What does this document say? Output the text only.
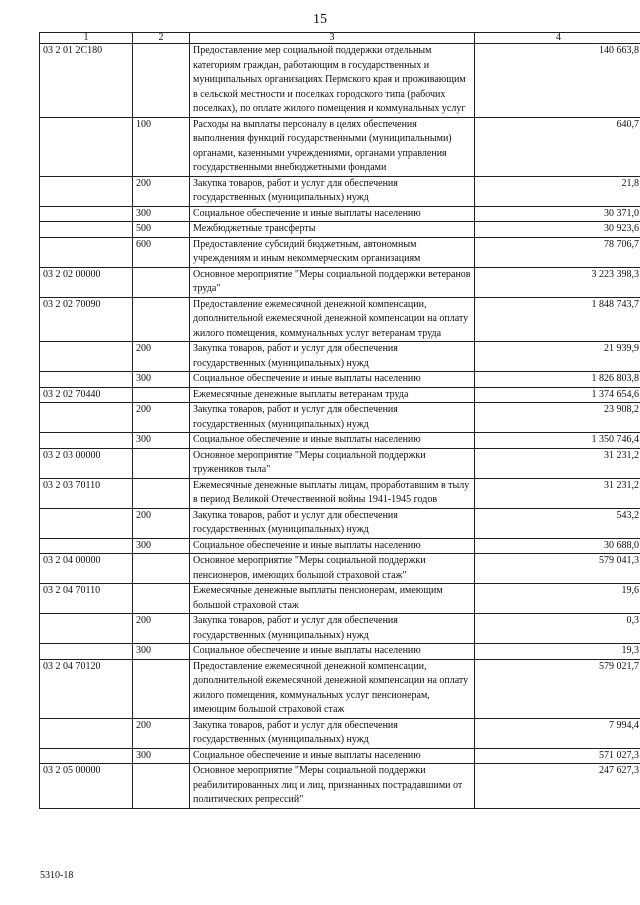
15
1	2	3	4
03 2 01 2С180		Предоставление мер социальной поддержки отдельным категориям граждан, работающим в государственных и муниципальных организациях Пермского края и проживающим в сельской местности и поселках городского типа (рабочих поселках), по оплате жилого помещения и коммунальных услуг	140 663,8
	100	Расходы на выплаты персоналу в целях обеспечения выполнения функций государственными (муниципальными) органами, казенными учреждениями, органами управления государственными внебюджетными фондами	640,7
	200	Закупка товаров, работ и услуг для обеспечения государственных (муниципальных) нужд	21,8
	300	Социальное обеспечение и иные выплаты населению	30 371,0
	500	Межбюджетные трансферты	30 923,6
	600	Предоставление субсидий бюджетным, автономным учреждениям и иным некоммерческим организациям	78 706,7
03 2 02 00000		Основное мероприятие "Меры социальной поддержки ветеранов труда"	3 223 398,3
03 2 02 70090		Предоставление ежемесячной денежной компенсации, дополнительной ежемесячной денежной компенсации на оплату жилого помещения, коммунальных услуг ветеранам труда	1 848 743,7
	200	Закупка товаров, работ и услуг для обеспечения государственных (муниципальных) нужд	21 939,9
	300	Социальное обеспечение и иные выплаты населению	1 826 803,8
03 2 02 70440		Ежемесячные денежные выплаты ветеранам труда	1 374 654,6
	200	Закупка товаров, работ и услуг для обеспечения государственных (муниципальных) нужд	23 908,2
	300	Социальное обеспечение и иные выплаты населению	1 350 746,4
03 2 03 00000		Основное мероприятие "Меры социальной поддержки тружеников тыла"	31 231,2
03 2 03 70110		Ежемесячные денежные выплаты лицам, проработавшим в тылу в период Великой Отечественной войны 1941-1945 годов	31 231,2
	200	Закупка товаров, работ и услуг для обеспечения государственных (муниципальных) нужд	543,2
	300	Социальное обеспечение и иные выплаты населению	30 688,0
03 2 04 00000		Основное мероприятие "Меры социальной поддержки пенсионеров, имеющих большой страховой стаж"	579 041,3
03 2 04 70110		Ежемесячные денежные выплаты пенсионерам, имеющим большой страховой стаж	19,6
	200	Закупка товаров, работ и услуг для обеспечения государственных (муниципальных) нужд	0,3
	300	Социальное обеспечение и иные выплаты населению	19,3
03 2 04 70120		Предоставление ежемесячной денежной компенсации, дополнительной ежемесячной денежной компенсации на оплату жилого помещения, коммунальных услуг пенсионерам, имеющим большой страховой стаж	579 021,7
	200	Закупка товаров, работ и услуг для обеспечения государственных (муниципальных) нужд	7 994,4
	300	Социальное обеспечение и иные выплаты населению	571 027,3
03 2 05 00000		Основное мероприятие "Меры социальной поддержки реабилитированных лиц и лиц, признанных пострадавшими от политических репрессий"	247 627,3
5310-18
